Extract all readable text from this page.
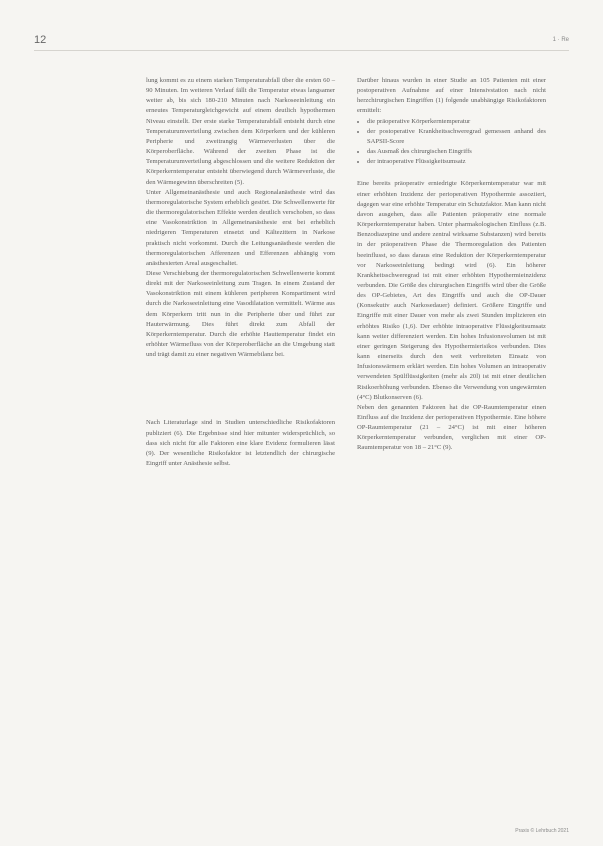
12	1 · Re

lung kommt es zu einem starken Temperaturabfall über die ersten 60 – 90 Minuten. Im weiteren Verlauf fällt die Temperatur etwas langsamer weiter ab, bis sich 180-210 Minuten nach Narkoseeinleitung ein erneutes Temperaturgleichgewicht auf einem deutlich hypothermen Niveau einstellt. Der erste starke Temperaturabfall entsteht durch eine Temperaturumverteilung zwischen dem Körperkern und der kühleren Peripherie und zweitrangig Wärmeverlusten über die Körperoberfläche. Während der zweiten Phase ist die Temperaturumverteilung abgeschlossen und die weitere Reduktion der Körperkerntemperatur entsteht überwiegend durch Wärmeverluste, die den Wärmegewinn überschreiten (5).

Unter Allgemeinanästhesie und auch Regionalanästhesie wird das thermoregulatorische System erheblich gestört. Die Schwellenwerte für die thermoregulatorischen Effekte werden deutlich verschoben, so dass eine Vasokonstriktion in Allgemeinanästhesie erst bei erheblich niedrigeren Temperaturen einsetzt und Kältezittern in Narkose praktisch nicht vorkommt. Durch die Leitungsanästhesie werden die thermoregulatorischen Afferenzen und Efferenzen abhängig vom anästhesierten Areal ausgeschaltet.

Diese Verschiebung der thermoregulatorischen Schwellenwerte kommt direkt mit der Narkoseeinleitung zum Tragen. In einem Zustand der Vasokonstriktion mit einem kühleren peripheren Kompartiment wird durch die Narkoseeinleitung eine Vasodilatation vermittelt. Wärme aus dem Körperkern tritt nun in die Peripherie über und führt zur Hauterwärmung. Dies führt direkt zum Abfall der Körperkerntemperatur. Durch die erhöhte Hauttemperatur findet ein erhöhter Wärmefluss von der Körperoberfläche an die Umgebung statt und trägt damit zu einer negativen Wärmebilanz bei.

Nach Literaturlage sind in Studien unterschiedliche Risikofaktoren publiziert (6). Die Ergebnisse sind hier mitunter widersprüchlich, so dass sich nicht für alle Faktoren eine klare Evidenz formulieren lässt (9). Der wesentliche Risikofaktor ist letztendlich der chirurgische Eingriff unter Anästhesie selbst.

Darüber hinaus wurden in einer Studie an 105 Patienten mit einer postoperativen Aufnahme auf einer Intensivstation nach nicht herzchirurgischen Eingriffen (1) folgende unabhängige Risikofaktoren ermittelt:

• die präoperative Körperkerntemperatur
• der postoperative Krankheitsschweregrad gemessen anhand des SAPSII-Score
• das Ausmaß des chirurgischen Eingriffs
• der intraoperative Flüssigkeitsumsatz

Eine bereits präoperativ erniedrigte Körperkerntemperatur war mit einer erhöhten Inzidenz der perioperativen Hypothermie assoziiert, dagegen war eine erhöhte Temperatur ein Schutzfaktor. Man kann nicht davon ausgehen, dass alle Patienten präoperativ eine normale Körperkerntemperatur haben. Unter pharmakologischen Einfluss (z.B. Benzodiazepine und andere zentral wirksame Substanzen) wird bereits in der präoperativen Phase die Thermoregulation des Patienten beeinflusst, so dass daraus eine Reduktion der Körperkerntemperatur vor Narkoseeinleitung bedingt wird (6). Ein höherer Krankheitsschweregrad ist mit einer erhöhten Hypothermieinzidenz verbunden. Die Größe des chirurgischen Eingriffs wird über die Größe des OP-Gebietes, Art des Eingriffs und auch die OP-Dauer (Konsekutiv auch Narkosedauer) definiert. Größere Eingriffe und Eingriffe mit einer Dauer von mehr als zwei Stunden implizieren ein erhöhtes Risiko (1,6). Der erhöhte intraoperative Flüssigkeitsumsatz kann weiter differenziert werden. Ein hohes Infusionsvolumen ist mit einer geringen Steigerung des Hypothermierisikos verbunden. Dies kann einerseits durch den weit verbreiteten Einsatz von Infusionswärmern erklärt werden. Ein hohes Volumen an intraoperativ verwendeten Spülflüssigkeiten (mehr als 20l) ist mit einer deutlichen Risikoerhöhung verbunden. Ebenso die Verwendung von ungewärmten (4°C) Blutkonserven (6).

Neben den genannten Faktoren hat die OP-Raumtemperatur einen Einfluss auf die Inzidenz der perioperativen Hypothermie. Eine höhere OP-Raumtemperatur (21 – 24°C) ist mit einer höheren Körperkerntemperatur verbunden, verglichen mit einer OP-Raumtemperatur von 18 – 21°C (9).

Praxis © Lehrbuch 2021
